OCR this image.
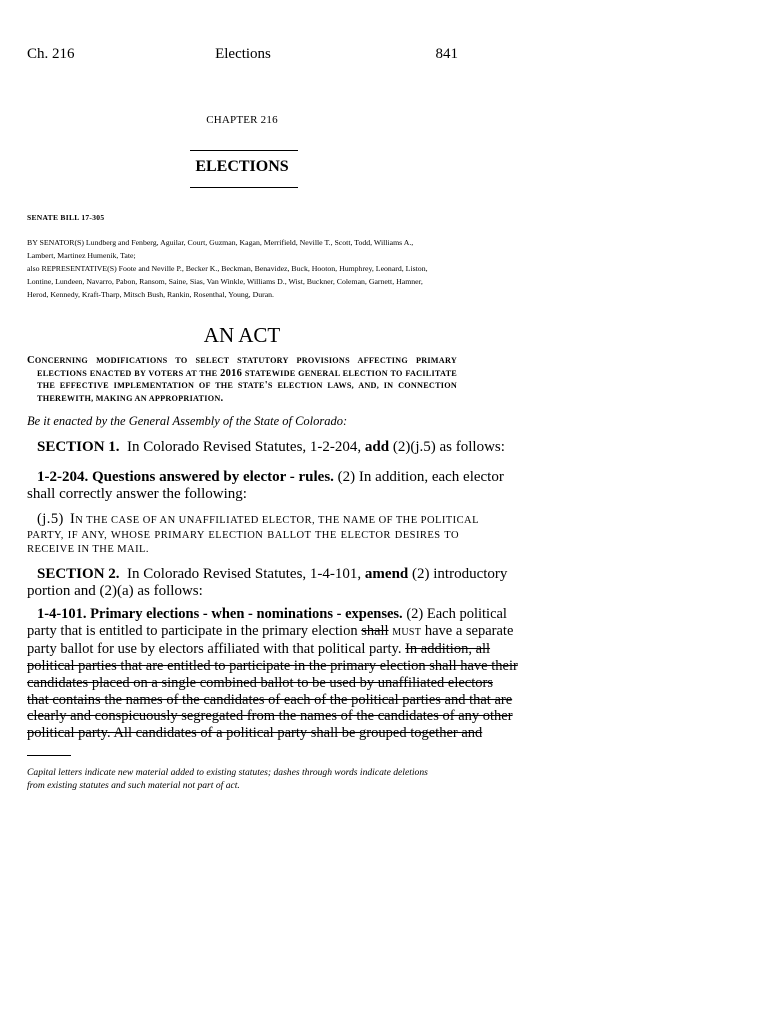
Ch. 216	Elections	841
CHAPTER 216
ELECTIONS
SENATE BILL 17-305
BY SENATOR(S) Lundberg and Fenberg, Aguilar, Court, Guzman, Kagan, Merrifield, Neville T., Scott, Todd, Williams A.,
Lambert, Martinez Humenik, Tate;
also REPRESENTATIVE(S) Foote and Neville P., Becker K., Beckman, Benavidez, Buck, Hooton, Humphrey, Leonard, Liston,
Lontine, Lundeen, Navarro, Pabon, Ransom, Saine, Sias, Van Winkle, Williams D., Wist, Buckner, Coleman, Garnett, Hamner,
Herod, Kennedy, Kraft-Tharp, Mitsch Bush, Rankin, Rosenthal, Young, Duran.
AN ACT
CONCERNING MODIFICATIONS TO SELECT STATUTORY PROVISIONS AFFECTING PRIMARY
ELECTIONS ENACTED BY VOTERS AT THE 2016 STATEWIDE GENERAL ELECTION TO FACILITATE
THE EFFECTIVE IMPLEMENTATION OF THE STATE'S ELECTION LAWS, AND, IN CONNECTION
THEREWITH, MAKING AN APPROPRIATION.
Be it enacted by the General Assembly of the State of Colorado:
SECTION 1. In Colorado Revised Statutes, 1-2-204, add (2)(j.5) as follows:
1-2-204. Questions answered by elector - rules. (2) In addition, each elector
shall correctly answer the following:
(j.5) IN THE CASE OF AN UNAFFILIATED ELECTOR, THE NAME OF THE POLITICAL
PARTY, IF ANY, WHOSE PRIMARY ELECTION BALLOT THE ELECTOR DESIRES TO
RECEIVE IN THE MAIL.
SECTION 2. In Colorado Revised Statutes, 1-4-101, amend (2) introductory
portion and (2)(a) as follows:
1-4-101. Primary elections - when - nominations - expenses. (2) Each political
party that is entitled to participate in the primary election shall MUST have a separate
party ballot for use by electors affiliated with that political party. In addition, all
political parties that are entitled to participate in the primary election shall have their
candidates placed on a single combined ballot to be used by unaffiliated electors
that contains the names of the candidates of each of the political parties and that are
clearly and conspicuously segregated from the names of the candidates of any other
political party. All candidates of a political party shall be grouped together and
Capital letters indicate new material added to existing statutes; dashes through words indicate deletions
from existing statutes and such material not part of act.
